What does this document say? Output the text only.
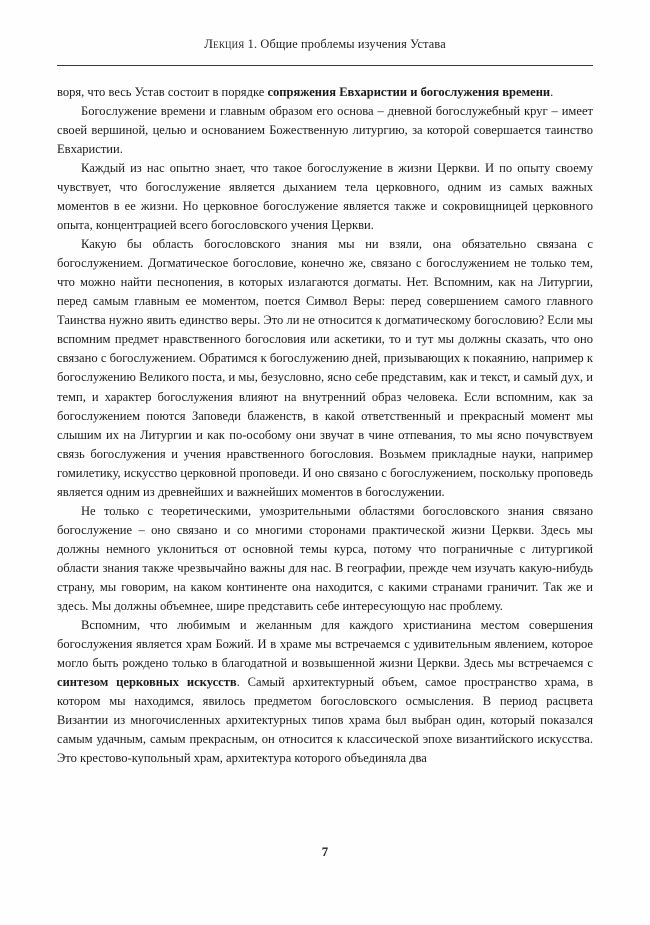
Лекция 1. Общие проблемы изучения Устава

воря, что весь Устав состоит в порядке сопряжения Евхаристии и богослужения времени.

Богослужение времени и главным образом его основа – дневной богослужебный круг – имеет своей вершиной, целью и основанием Божественную литургию, за которой совершается таинство Евхаристии.

Каждый из нас опытно знает, что такое богослужение в жизни Церкви. И по опыту своему чувствует, что богослужение является дыханием тела церковного, одним из самых важных моментов в ее жизни. Но церковное богослужение является также и сокровищницей церковного опыта, концентрацией всего богословского учения Церкви.

Какую бы область богословского знания мы ни взяли, она обязательно связана с богослужением. Догматическое богословие, конечно же, связано с богослужением не только тем, что можно найти песнопения, в которых излагаются догматы. Нет. Вспомним, как на Литургии, перед самым главным ее моментом, поется Символ Веры: перед совершением самого главного Таинства нужно явить единство веры. Это ли не относится к догматическому богословию? Если мы вспомним предмет нравственного богословия или аскетики, то и тут мы должны сказать, что оно связано с богослужением. Обратимся к богослужению дней, призывающих к покаянию, например к богослужению Великого поста, и мы, безусловно, ясно себе представим, как и текст, и самый дух, и темп, и характер богослужения влияют на внутренний образ человека. Если вспомним, как за богослужением поются Заповеди блаженств, в какой ответственный и прекрасный момент мы слышим их на Литургии и как по-особому они звучат в чине отпевания, то мы ясно почувствуем связь богослужения и учения нравственного богословия. Возьмем прикладные науки, например гомилетику, искусство церковной проповеди. И оно связано с богослужением, поскольку проповедь является одним из древнейших и важнейших моментов в богослужении.

Не только с теоретическими, умозрительными областями богословского знания связано богослужение – оно связано и со многими сторонами практической жизни Церкви. Здесь мы должны немного уклониться от основной темы курса, потому что пограничные с литургикой области знания также чрезвычайно важны для нас. В географии, прежде чем изучать какую-нибудь страну, мы говорим, на каком континенте она находится, с какими странами граничит. Так же и здесь. Мы должны объемнее, шире представить себе интересующую нас проблему.

Вспомним, что любимым и желанным для каждого христианина местом совершения богослужения является храм Божий. И в храме мы встречаемся с удивительным явлением, которое могло быть рождено только в благодатной и возвышенной жизни Церкви. Здесь мы встречаемся с синтезом церковных искусств. Самый архитектурный объем, самое пространство храма, в котором мы находимся, явилось предметом богословского осмысления. В период расцвета Византии из многочисленных архитектурных типов храма был выбран один, который показался самым удачным, самым прекрасным, он относится к классической эпохе византийского искусства. Это крестово-купольный храм, архитектура которого объединяла два

7
